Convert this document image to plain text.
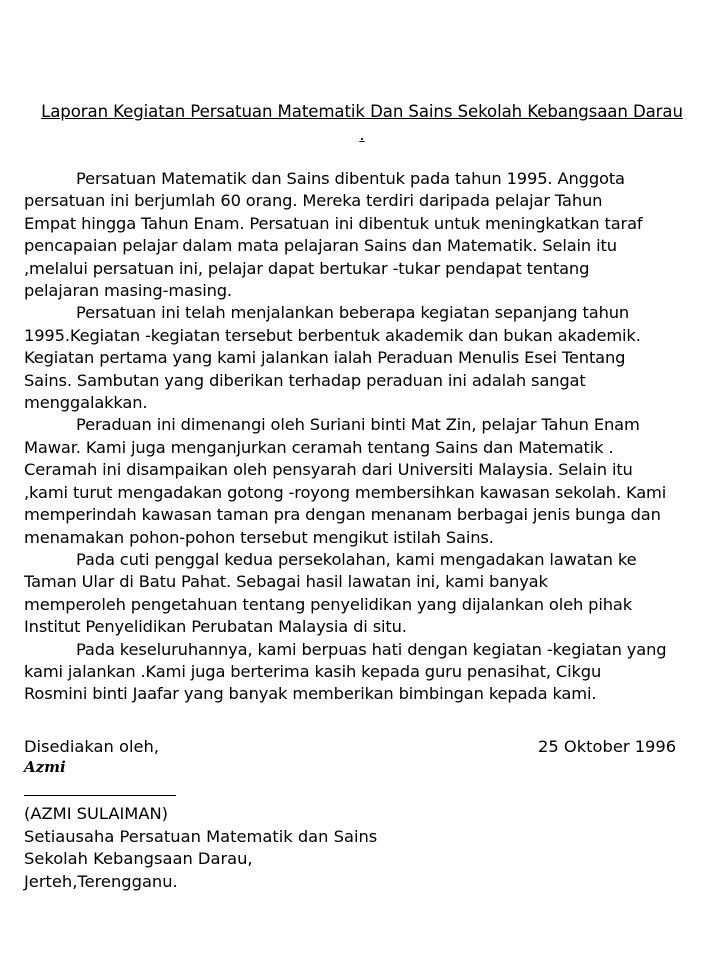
Laporan Kegiatan Persatuan Matematik Dan Sains Sekolah Kebangsaan Darau
.

Persatuan Matematik dan Sains dibentuk pada tahun 1995. Anggota
persatuan ini berjumlah 60 orang. Mereka terdiri daripada pelajar Tahun
Empat hingga Tahun Enam. Persatuan ini dibentuk untuk meningkatkan taraf
pencapaian pelajar dalam mata pelajaran Sains dan Matematik. Selain itu
,melalui persatuan ini, pelajar dapat bertukar -tukar pendapat tentang
pelajaran masing-masing.

Persatuan ini telah menjalankan beberapa kegiatan sepanjang tahun
1995.Kegiatan -kegiatan tersebut berbentuk akademik dan bukan akademik.
Kegiatan pertama yang kami jalankan ialah Peraduan Menulis Esei Tentang
Sains. Sambutan yang diberikan terhadap peraduan ini adalah sangat
menggalakkan.

Peraduan ini dimenangi oleh Suriani binti Mat Zin, pelajar Tahun Enam
Mawar. Kami juga menganjurkan ceramah tentang Sains dan Matematik .
Ceramah ini disampaikan oleh pensyarah dari Universiti Malaysia. Selain itu
,kami turut mengadakan gotong -royong membersihkan kawasan sekolah. Kami
memperindah kawasan taman pra dengan menanam berbagai jenis bunga dan
menamakan pohon-pohon tersebut mengikut istilah Sains.

Pada cuti penggal kedua persekolahan, kami mengadakan lawatan ke
Taman Ular di Batu Pahat. Sebagai hasil lawatan ini, kami banyak
memperoleh pengetahuan tentang penyelidikan yang dijalankan oleh pihak
Institut Penyelidikan Perubatan Malaysia di situ.

Pada keseluruhannya, kami berpuas hati dengan kegiatan -kegiatan yang
kami jalankan .Kami juga berterima kasih kepada guru penasihat, Cikgu
Rosmini binti Jaafar yang banyak memberikan bimbingan kepada kami.

Disediakan oleh,	25 Oktober 1996
Azmi
(AZMI SULAIMAN)
Setiausaha Persatuan Matematik dan Sains
Sekolah Kebangsaan Darau,
Jerteh,Terengganu.
